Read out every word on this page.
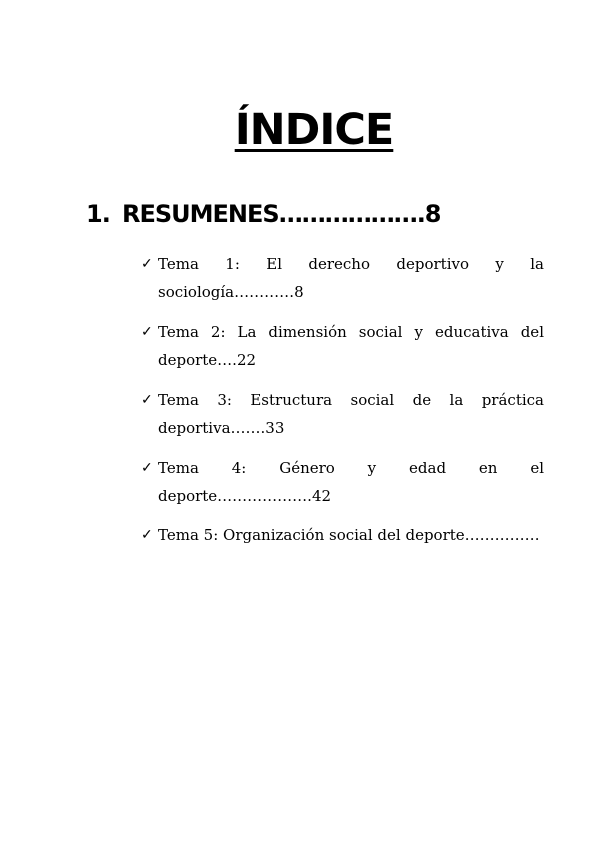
ÍNDICE
1. RESUMENES……………….8
✓ Tema 1: El derecho deportivo y la sociología…………8
✓ Tema 2: La dimensión social y educativa del deporte….22
✓ Tema 3: Estructura social de la práctica deportiva…….33
✓ Tema 4: Género y edad en el deporte……………….42
✓ Tema 5: Organización social del deporte……………
